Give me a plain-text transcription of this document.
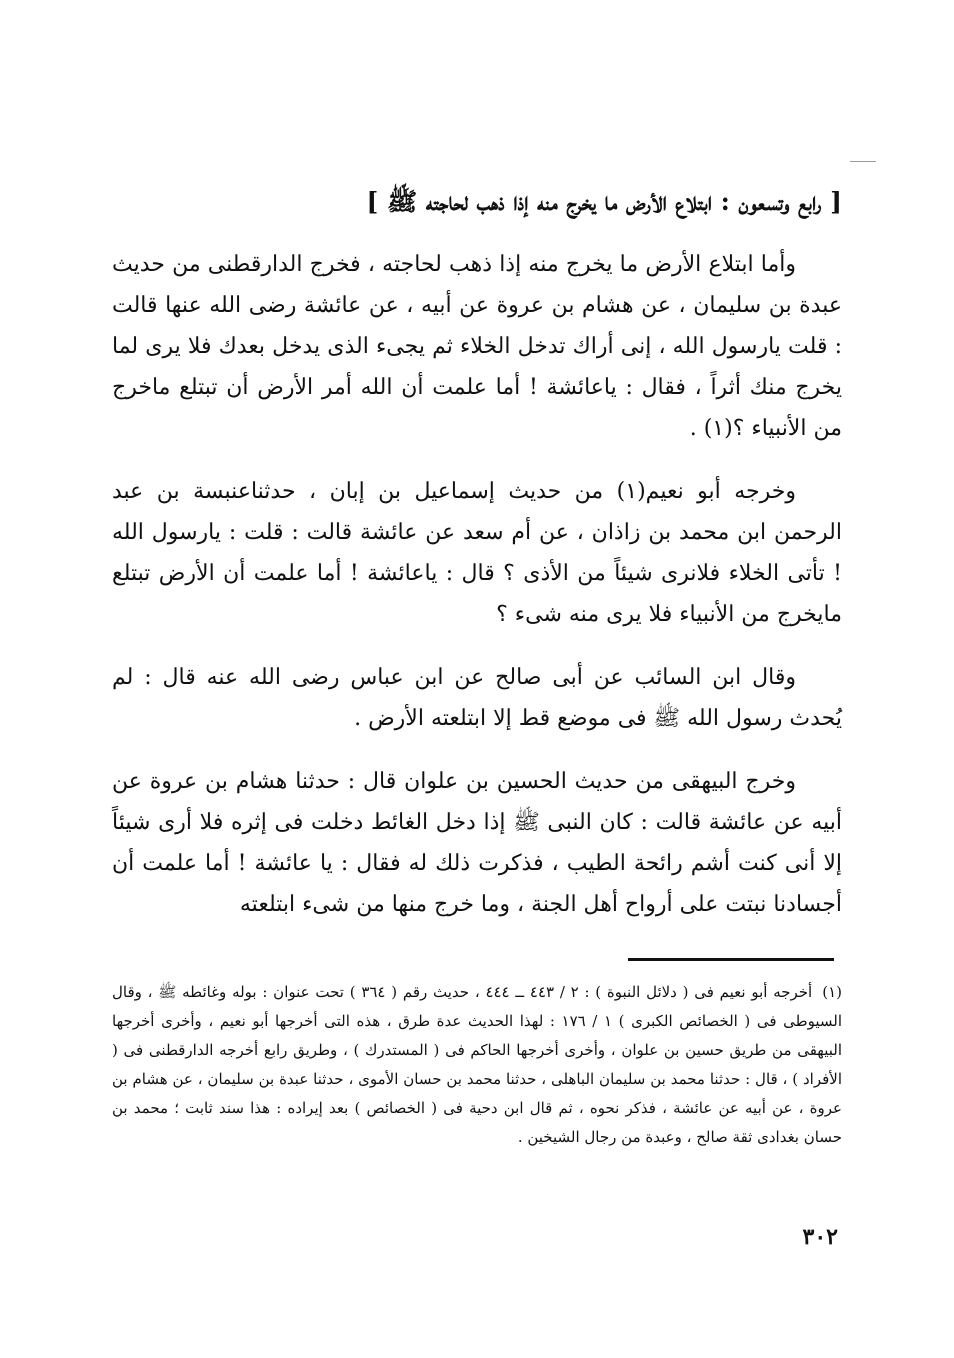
[ رابع وتسعون : ابتلاع الأرض ما يخرج منه إذا ذهب لحاجته ﷺ ]

وأما ابتلاع الأرض ما يخرج منه إذا ذهب لحاجته ، فخرج الدارقطنى من حديث عبدة بن سليمان ، عن هشام بن عروة عن أبيه ، عن عائشة رضى الله عنها قالت : قلت يارسول الله ، إنى أراك تدخل الخلاء ثم يجىء الذى يدخل بعدك فلا يرى لما يخرج منك أثراً ، فقال : ياعائشة ! أما علمت أن الله أمر الأرض أن تبتلع ماخرج من الأنبياء ؟(١) .

وخرجه أبو نعيم(١) من حديث إسماعيل بن إبان ، حدثناعنبسة بن عبد الرحمن ابن محمد بن زاذان ، عن أم سعد عن عائشة قالت : قلت : يارسول الله ! تأتى الخلاء فلانرى شيئاً من الأذى ؟ قال : ياعائشة ! أما علمت أن الأرض تبتلع مايخرج من الأنبياء فلا يرى منه شىء ؟

وقال ابن السائب عن أبى صالح عن ابن عباس رضى الله عنه قال : لم يُحدث رسول الله ﷺ فى موضع قط إلا ابتلعته الأرض .

وخرج البيهقى من حديث الحسين بن علوان قال : حدثنا هشام بن عروة عن أبيه عن عائشة قالت : كان النبى ﷺ إذا دخل الغائط دخلت فى إثره فلا أرى شيئاً إلا أنى كنت أشم رائحة الطيب ، فذكرت ذلك له فقال : يا عائشة ! أما علمت أن أجسادنا نبتت على أرواح أهل الجنة ، وما خرج منها من شىء ابتلعته

(١)أخرجه أبو نعيم فى ( دلائل النبوة ) : ٢ / ٤٤٣ ــ ٤٤٤ ، حديث رقم ( ٣٦٤ ) تحت عنوان : بوله وغائطه ﷺ ، وقال السيوطى فى ( الخصائص الكبرى ) ١ / ١٧٦ : لهذا الحديث عدة طرق ، هذه التى أخرجها أبو نعيم ، وأخرى أخرجها البيهقى من طريق حسين بن علوان ، وأخرى أخرجها الحاكم فى ( المستدرك ) ، وطريق رابع أخرجه الدارقطنى فى ( الأفراد ) ، قال : حدثنا محمد بن سليمان الباهلى ، حدثنا محمد بن حسان الأموى ، حدثنا عبدة بن سليمان ، عن هشام بن عروة ، عن أبيه عن عائشة ، فذكر نحوه ، ثم قال ابن دحية فى ( الخصائص ) بعد إيراده : هذا سند ثابت ؛ محمد بن حسان بغدادى ثقة صالح ، وعبدة من رجال الشيخين .
٣٠٢
